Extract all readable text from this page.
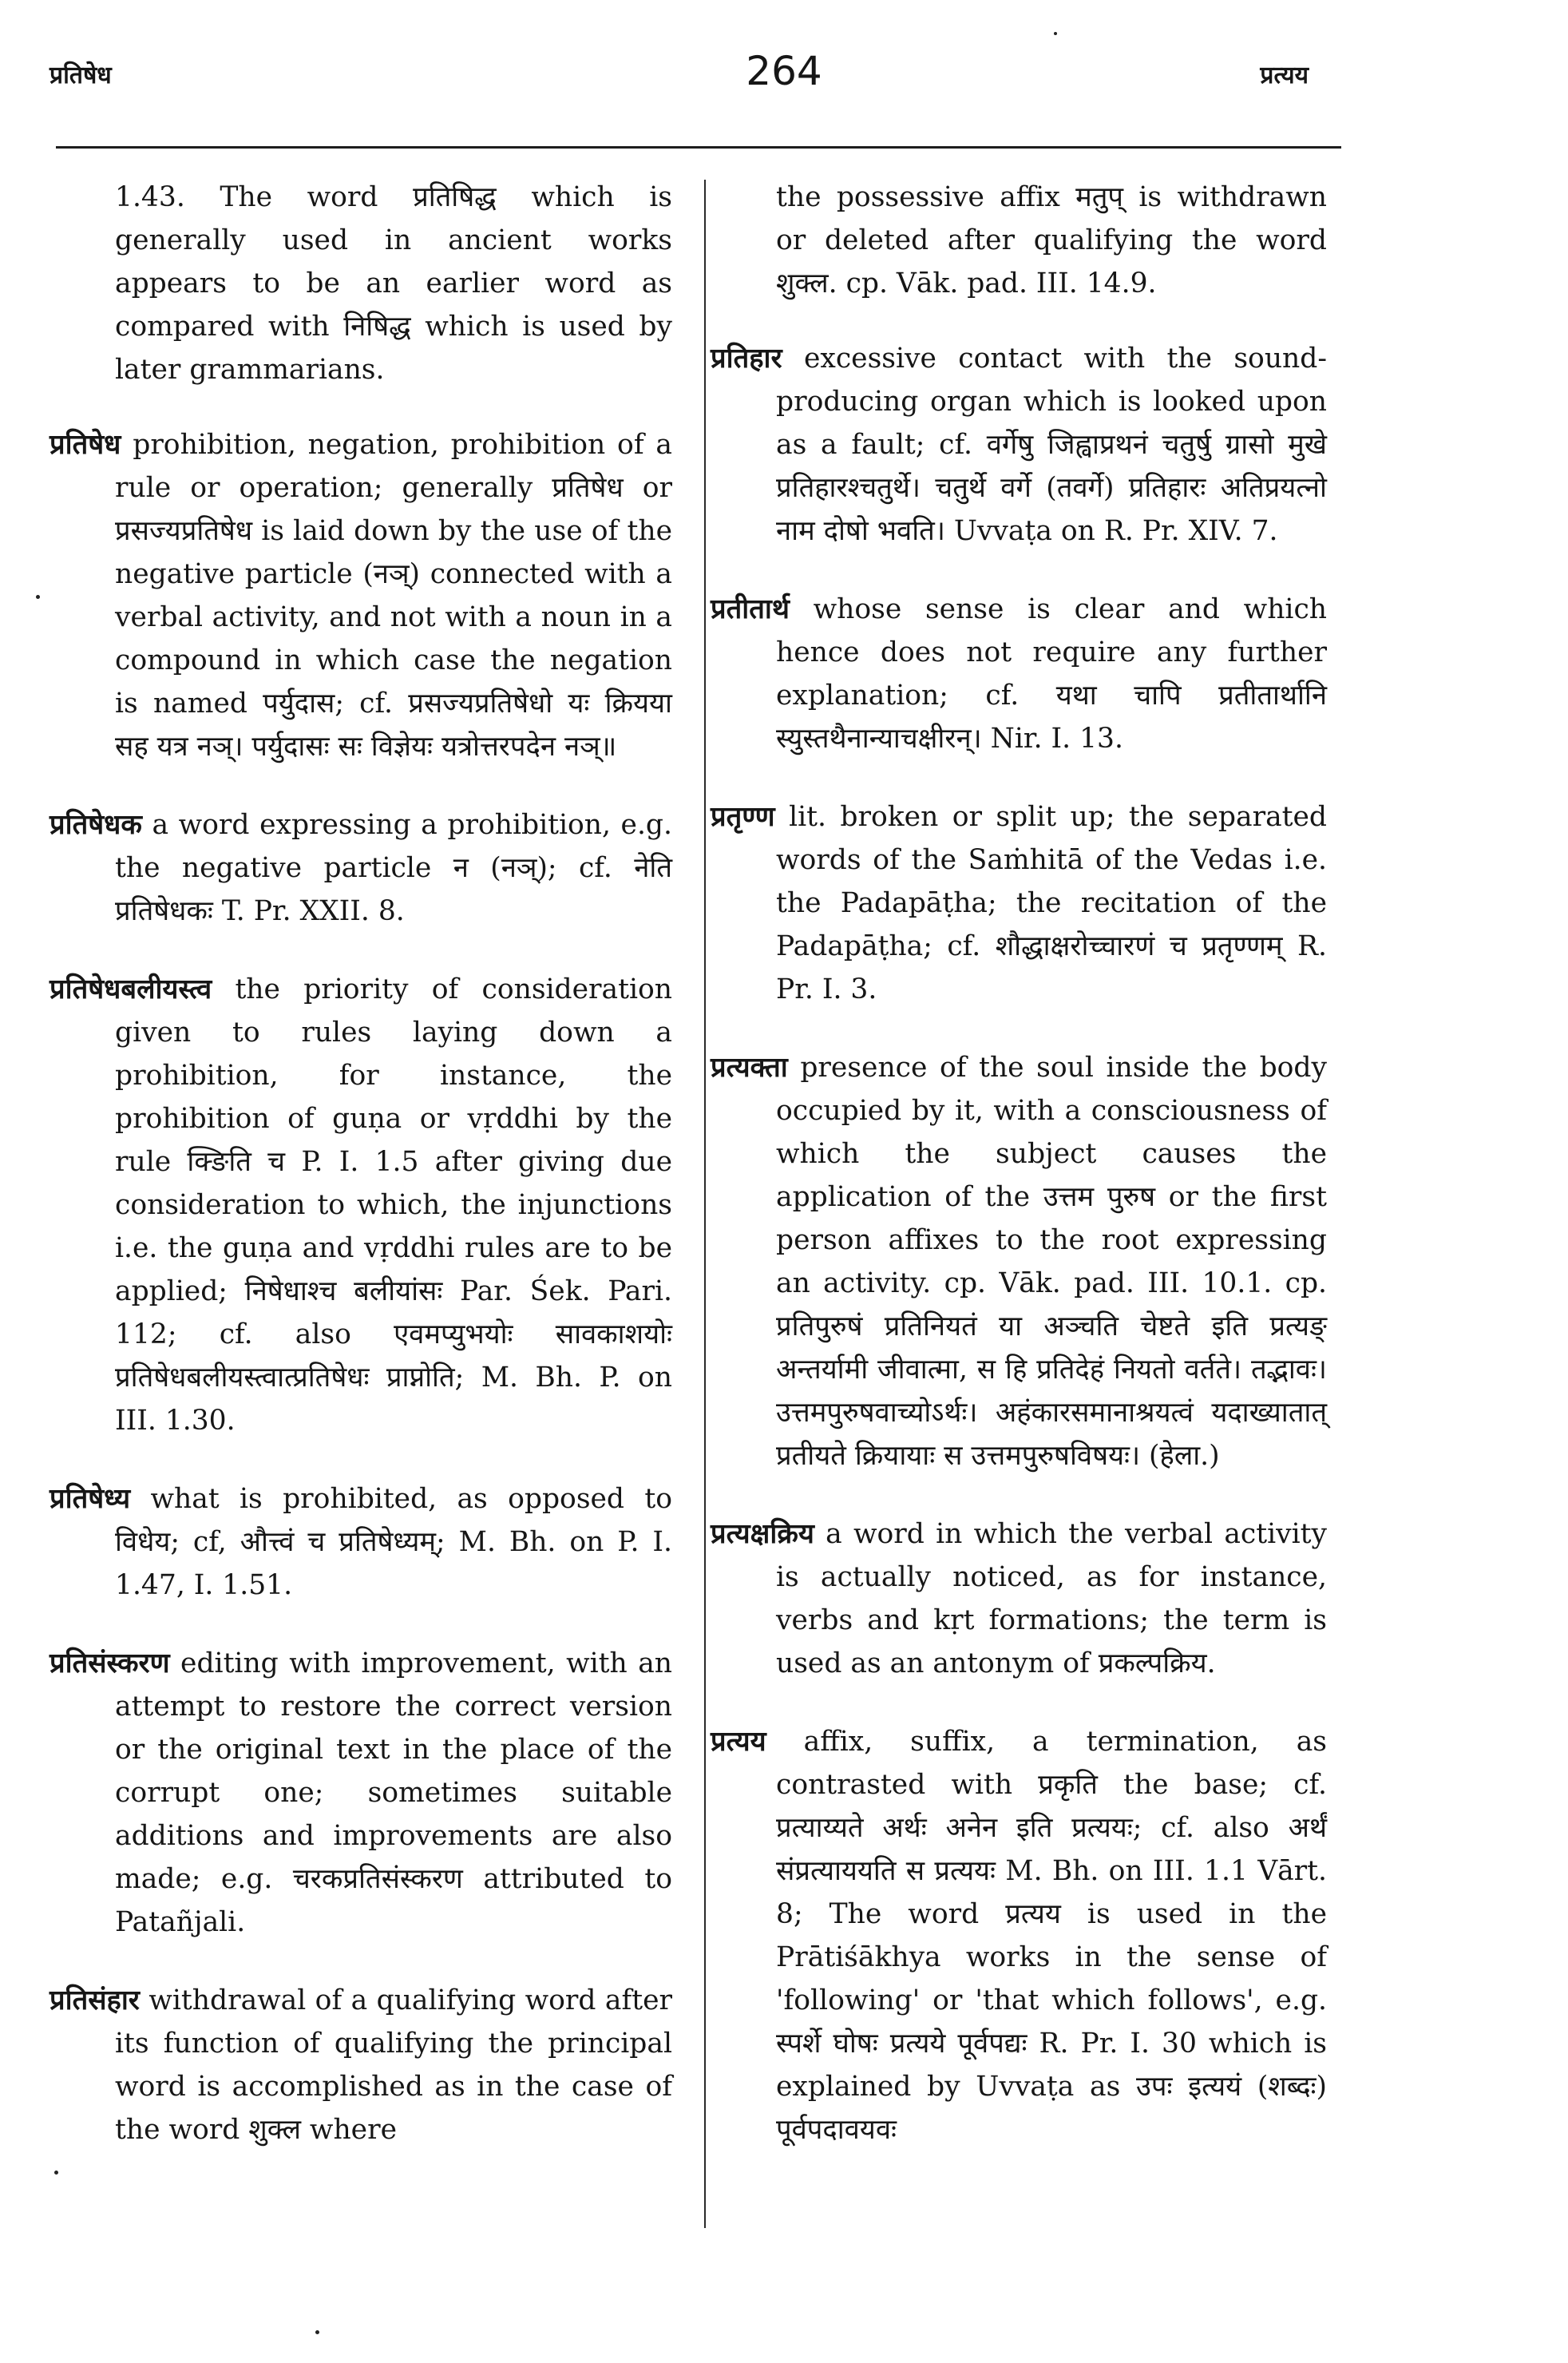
प्रतिषेध	264	प्रत्यय

1.43. The word प्रतिषिद्ध which is generally used in ancient works appears to be an earlier word as compared with निषिद्ध which is used by later grammarians.

प्रतिषेध prohibition, negation, prohibition of a rule or operation; generally प्रतिषेध or प्रसज्यप्रतिषेध is laid down by the use of the negative particle (नञ्) connected with a verbal activity, and not with a noun in a compound in which case the negation is named पर्युदास; cf. प्रसज्यप्रतिषेधो यः क्रियया सह यत्र नञ्। पर्युदासः सः विज्ञेयः यत्रोत्तरपदेन नञ्॥

प्रतिषेधक a word expressing a prohibition, e.g. the negative particle न (नञ्); cf. नेति प्रतिषेधकः T. Pr. XXII. 8.

प्रतिषेधबलीयस्त्व the priority of consideration given to rules laying down a prohibition, for instance, the prohibition of guṇa or vṛddhi by the rule क्ङिति च P. I. 1.5 after giving due consideration to which, the injunctions i.e. the guṇa and vṛddhi rules are to be applied; निषेधाश्च बलीयांसः Par. Śek. Pari. 112; cf. also एवमप्युभयोः सावकाशयोः प्रतिषेधबलीयस्त्वात्प्रतिषेधः प्राप्नोति; M. Bh. P. on III. 1.30.

प्रतिषेध्य what is prohibited, as opposed to विधेय; cf, औत्त्वं च प्रतिषेध्यम्; M. Bh. on P. I. 1.47, I. 1.51.

प्रतिसंस्करण editing with improvement, with an attempt to restore the correct version or the original text in the place of the corrupt one; sometimes suitable additions and improvements are also made; e.g. चरकप्रतिसंस्करण attributed to Patañjali.

प्रतिसंहार withdrawal of a qualifying word after its function of qualifying the principal word is accomplished as in the case of the word शुक्ल where

the possessive affix मतुप् is withdrawn or deleted after qualifying the word शुक्ल. cp. Vāk. pad. III. 14.9.

प्रतिहार excessive contact with the sound-producing organ which is looked upon as a fault; cf. वर्गेषु जिह्वाप्रथनं चतुर्षु ग्रासो मुखे प्रतिहारश्चतुर्थे। चतुर्थे वर्गे (तवर्गे) प्रतिहारः अतिप्रयत्नो नाम दोषो भवति। Uvvaṭa on R. Pr. XIV. 7.

प्रतीतार्थ whose sense is clear and which hence does not require any further explanation; cf. यथा चापि प्रतीतार्थानि स्युस्तथैनान्याचक्षीरन्। Nir. I. 13.

प्रतृण्ण lit. broken or split up; the separated words of the Saṁhitā of the Vedas i.e. the Padapāṭha; the recitation of the Padapāṭha; cf. शौद्धाक्षरोच्चारणं च प्रतृण्णम् R. Pr. I. 3.

प्रत्यक्ता presence of the soul inside the body occupied by it, with a consciousness of which the subject causes the application of the उत्तम पुरुष or the first person affixes to the root expressing an activity. cp. Vāk. pad. III. 10.1. cp. प्रतिपुरुषं प्रतिनियतं या अञ्चति चेष्टते इति प्रत्यङ् अन्तर्यामी जीवात्मा, स हि प्रतिदेहं नियतो वर्तते। तद्भावः। उत्तमपुरुषवाच्योऽर्थः। अहंकारसमानाश्रयत्वं यदाख्यातात् प्रतीयते क्रियायाः स उत्तमपुरुषविषयः। (हेला.)

प्रत्यक्षक्रिय a word in which the verbal activity is actually noticed, as for instance, verbs and kṛt formations; the term is used as an antonym of प्रकल्पक्रिय.

प्रत्यय affix, suffix, a termination, as contrasted with प्रकृति the base; cf. प्रत्याय्यते अर्थः अनेन इति प्रत्ययः; cf. also अर्थं संप्रत्याययति स प्रत्ययः M. Bh. on III. 1.1 Vārt. 8; The word प्रत्यय is used in the Prātiśākhya works in the sense of 'following' or 'that which follows', e.g. स्पर्शे घोषः प्रत्यये पूर्वपद्यः R. Pr. I. 30 which is explained by Uvvaṭa as उपः इत्ययं (शब्दः) पूर्वपदावयवः
